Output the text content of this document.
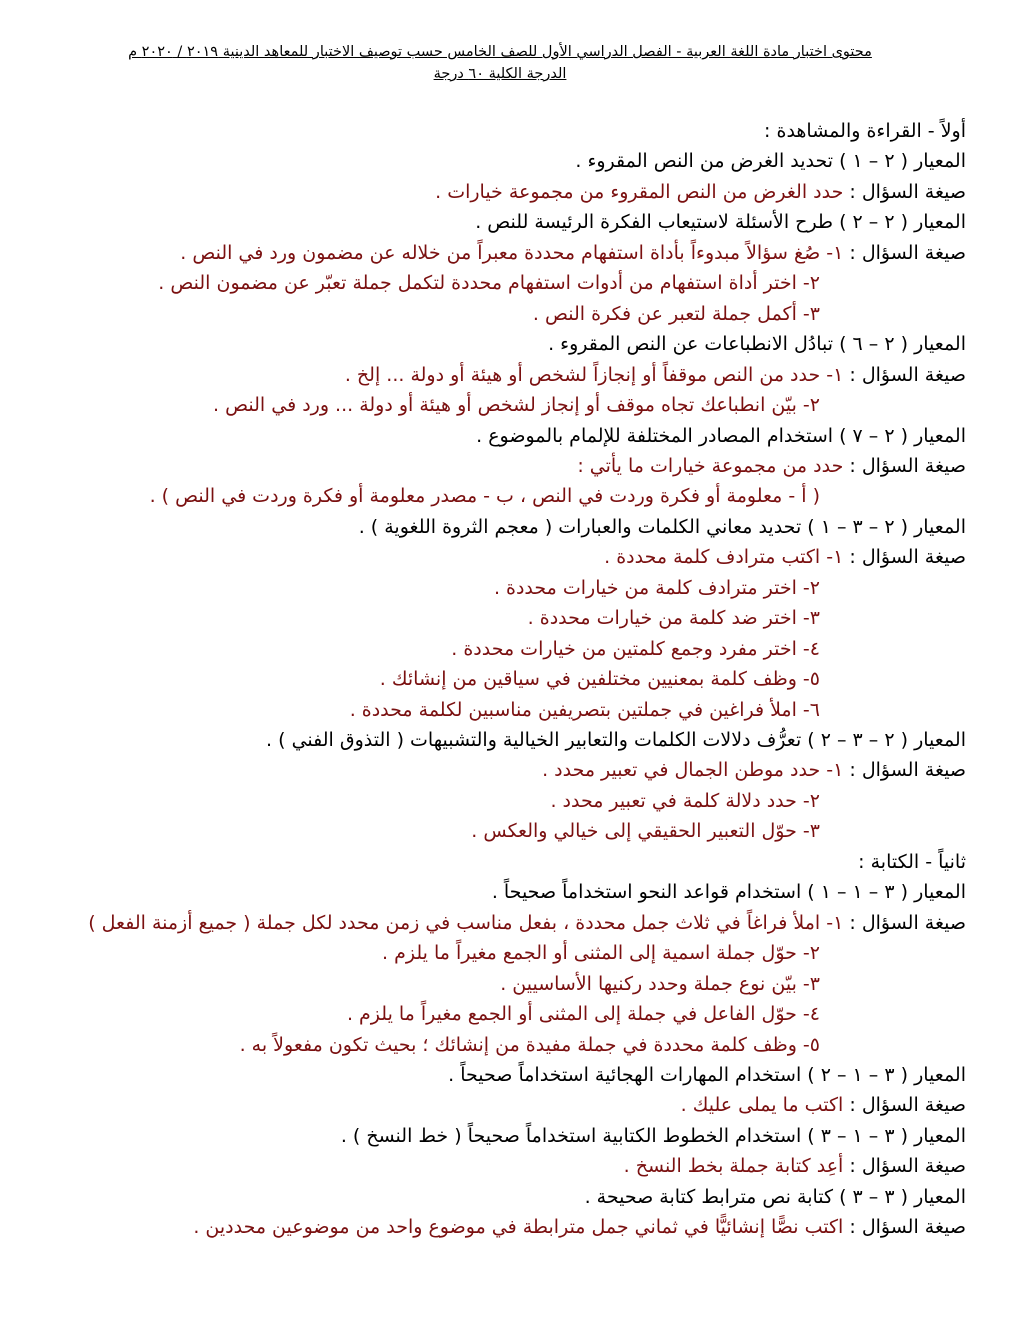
محتوى اختبار مادة اللغة العربية - الفصل الدراسي الأول للصف الخامس حسب توصيف الاختبار للمعاهد الدينية ٢٠١٩ / ٢٠٢٠ م
الدرجة الكلية ٦٠ درجة
أولاً - القراءة والمشاهدة :
المعيار ( ٢ – ١ ) تحديد الغرض من النص المقروء .
صيغة السؤال : حدد الغرض من النص المقروء من مجموعة خيارات .
المعيار ( ٢ – ٢ ) طرح الأسئلة لاستيعاب الفكرة الرئيسة للنص .
صيغة السؤال : ١- صُغ سؤالاً مبدوءاً بأداة استفهام محددة معبراً من خلاله عن مضمون ورد في النص .
٢- اختر أداة استفهام من أدوات استفهام محددة لتكمل جملة تعبّر عن مضمون النص .
٣- أكمل جملة لتعبر عن فكرة النص .
المعيار ( ٢ – ٦ ) تبادُل الانطباعات عن النص المقروء .
صيغة السؤال : ١- حدد من النص موقفاً أو إنجازاً لشخص أو هيئة أو دولة ... إلخ .
٢- بيّن انطباعك تجاه موقف أو إنجاز لشخص أو هيئة أو دولة ... ورد في النص .
المعيار ( ٢ – ٧ ) استخدام المصادر المختلفة للإلمام بالموضوع .
صيغة السؤال : حدد من مجموعة خيارات ما يأتي :
( أ - معلومة أو فكرة وردت في النص ، ب - مصدر معلومة أو فكرة وردت في النص ) .
المعيار ( ٢ – ٣ – ١ ) تحديد معاني الكلمات والعبارات ( معجم الثروة اللغوية ) .
صيغة السؤال : ١- اكتب مترادف كلمة محددة .
٢- اختر مترادف كلمة من خيارات محددة .
٣- اختر ضد كلمة من خيارات محددة .
٤- اختر مفرد وجمع كلمتين من خيارات محددة .
٥- وظف كلمة بمعنيين مختلفين في سياقين من إنشائك .
٦- املأ فراغين في جملتين بتصريفين مناسبين لكلمة محددة .
المعيار ( ٢ – ٣ – ٢ ) تعرُّف دلالات الكلمات والتعابير الخيالية والتشبيهات ( التذوق الفني ) .
صيغة السؤال : ١- حدد موطن الجمال في تعبير محدد .
٢- حدد دلالة كلمة في تعبير محدد .
٣- حوّل التعبير الحقيقي إلى خيالي والعكس .
ثانياً - الكتابة :
المعيار ( ٣ – ١ – ١ ) استخدام قواعد النحو استخداماً صحيحاً .
صيغة السؤال : ١- املأ فراغاً في ثلاث جمل محددة ، بفعل مناسب في زمن محدد لكل جملة ( جميع أزمنة الفعل )
٢- حوّل جملة اسمية إلى المثنى أو الجمع مغيراً ما يلزم .
٣- بيّن نوع جملة وحدد ركنيها الأساسيين .
٤- حوّل الفاعل في جملة إلى المثنى أو الجمع مغيراً ما يلزم .
٥- وظف كلمة محددة في جملة مفيدة من إنشائك ؛ بحيث تكون مفعولاً به .
المعيار ( ٣ – ١ – ٢ ) استخدام المهارات الهجائية استخداماً صحيحاً .
صيغة السؤال : اكتب ما يملى عليك .
المعيار ( ٣ – ١ – ٣ ) استخدام الخطوط الكتابية استخداماً صحيحاً ( خط النسخ ) .
صيغة السؤال : أعِد كتابة جملة بخط النسخ .
المعيار ( ٣ – ٣ ) كتابة نص مترابط كتابة صحيحة .
صيغة السؤال : اكتب نصًّا إنشائيًّا في ثماني جمل مترابطة في موضوع واحد من موضوعين محددين .
